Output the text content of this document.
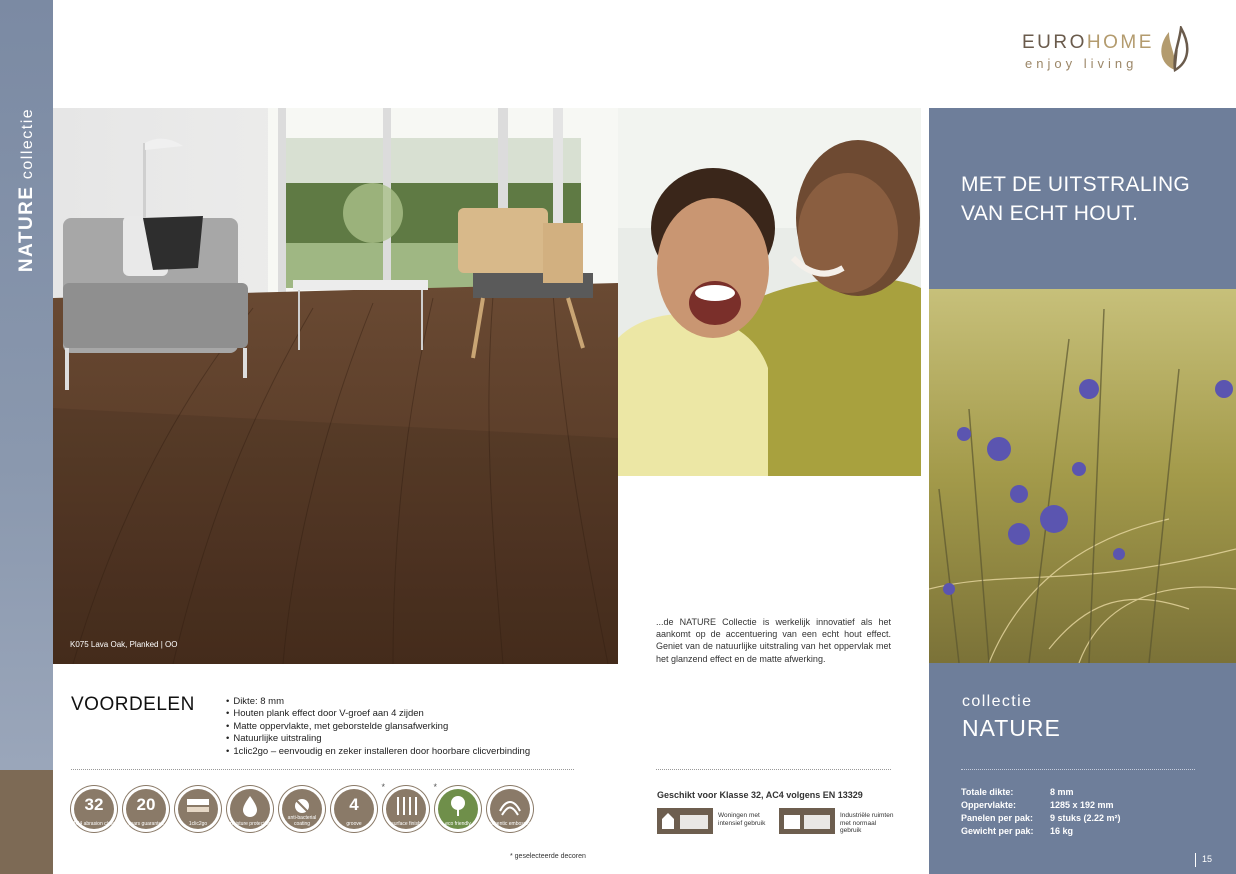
NATURE collectie
EUROHOME
enjoy living
K075 Lava Oak, Planked | OO
MET DE UITSTRALING
VAN ECHT HOUT.
collectie
NATURE
Totale dikte:	8 mm
Oppervlakte:	1285 x 192 mm
Panelen per pak:	9 stuks (2.22 m²)
Gewicht per pak:	16 kg
15
...de NATURE Collectie is werkelijk innovatief als het aankomt op de accentuering van een echt hout effect. Geniet van de natuurlijke uitstraling van het oppervlak met het glanzend effect en de matte afwerking.
VOORDELEN
•	Dikte: 8 mm
• Houten plank effect door V-groef aan 4 zijden
• Matte oppervlakte, met geborstelde glansafwerking
• Natuurlijke uitstraling
• 1clic2go – eenvoudig en zeker installeren door hoorbare clicverbinding
32
AC4 abrasion class
20
years guarantee	1clic2go	moisture protection
anti-bacterial coating
4
groove
*
surface finish
*
eco friendly	authentic embossing
* geselecteerde decoren
Geschikt voor Klasse 32, AC4 volgens EN 13329
Woningen met intensief gebruik
Industriële ruimten met normaal gebruik
